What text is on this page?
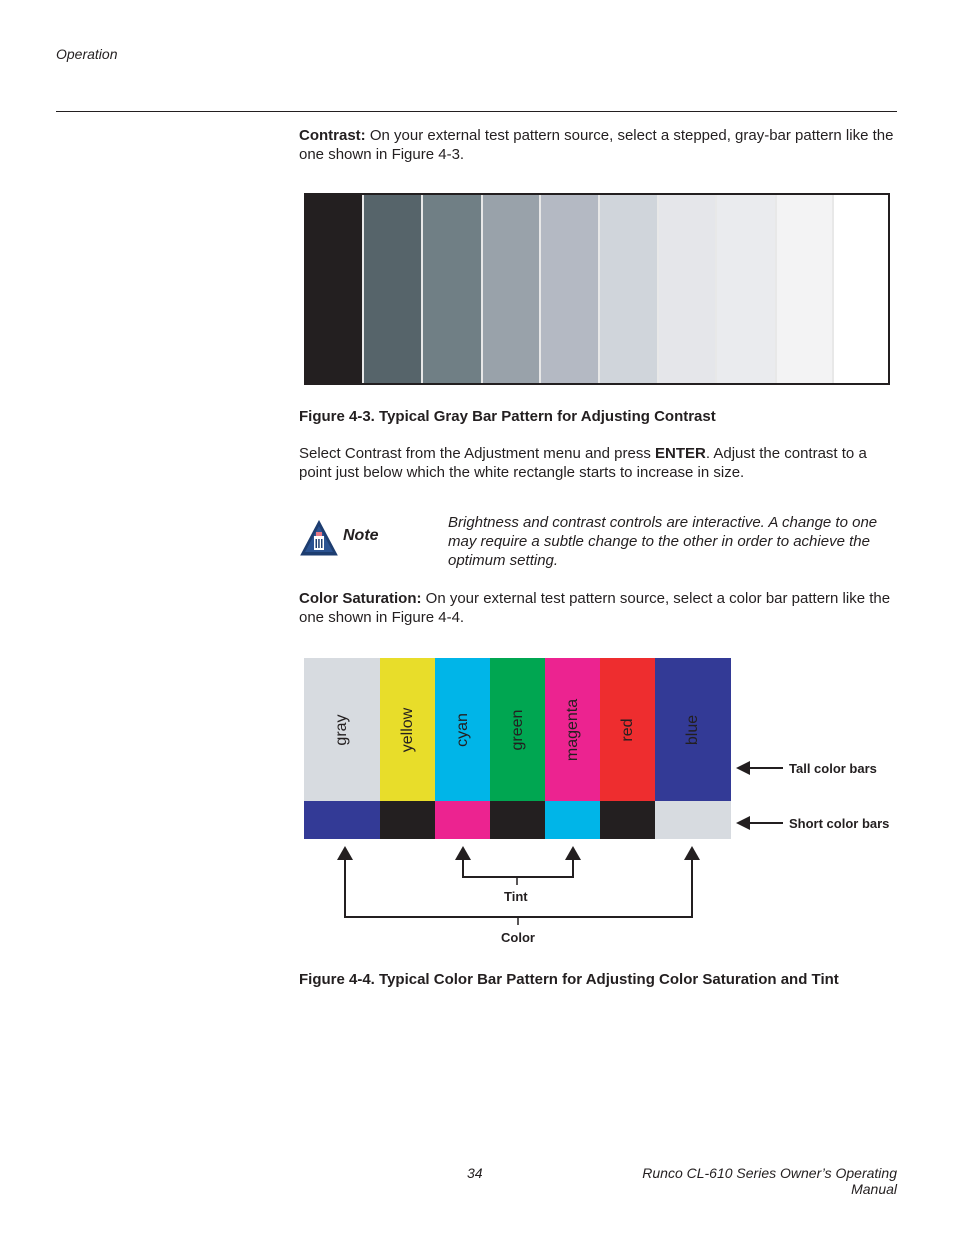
Operation
Contrast: On your external test pattern source, select a stepped, gray-bar pattern like the one shown in Figure 4-3.
Figure 4-3. Typical Gray Bar Pattern for Adjusting Contrast
Select Contrast from the Adjustment menu and press ENTER. Adjust the contrast to a point just below which the white rectangle starts to increase in size.
Note
Brightness and contrast controls are interactive. A change to one may require a subtle change to the other in order to achieve the optimum setting.
Color Saturation: On your external test pattern source, select a color bar pattern like the one shown in Figure 4-4.
gray	yellow cyan green magenta red	blue
Tall color bars
Short color bars
Tint
Color
Figure 4-4. Typical Color Bar Pattern for Adjusting Color Saturation and Tint
34	Runco CL-610 Series Owner’s Operating Manual
